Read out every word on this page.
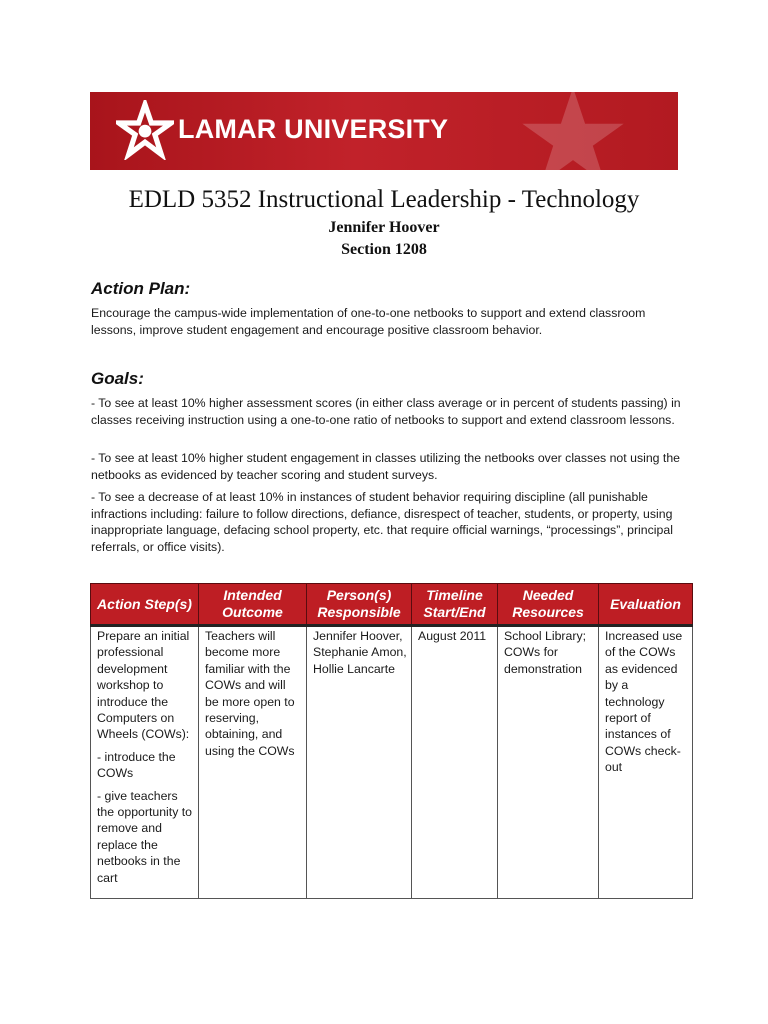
LAMAR UNIVERSITY
EDLD 5352 Instructional Leadership - Technology
Jennifer Hoover
Section 1208
Action Plan:

Encourage the campus-wide implementation of one-to-one netbooks to support and extend classroom lessons, improve student engagement and encourage positive classroom behavior.

Goals:

- To see at least 10% higher assessment scores (in either class average or in percent of students passing) in classes receiving instruction using a one-to-one ratio of netbooks to support and extend classroom lessons.

- To see at least 10% higher student engagement in classes utilizing the netbooks over classes not using the netbooks as evidenced by teacher scoring and student surveys.

- To see a decrease of at least 10% in instances of student behavior requiring discipline (all punishable infractions including: failure to follow directions, defiance, disrespect of teacher, students, or property, using inappropriate language, defacing school property, etc. that require official warnings, “processings”, principal referrals, or office visits).

Action Step(s)	Intended Outcome	Person(s) Responsible	Timeline Start/End	Needed Resources	Evaluation

Prepare an initial professional development workshop to introduce the Computers on Wheels (COWs):

- introduce the COWs

- give teachers the opportunity to remove and replace the netbooks in the cart	Teachers will become more familiar with the COWs and will be more open to reserving, obtaining, and using the COWs	Jennifer Hoover, Stephanie Amon, Hollie Lancarte	August 2011	School Library; COWs for demonstration	Increased use of the COWs as evidenced by a technology report of instances of COWs check-out
